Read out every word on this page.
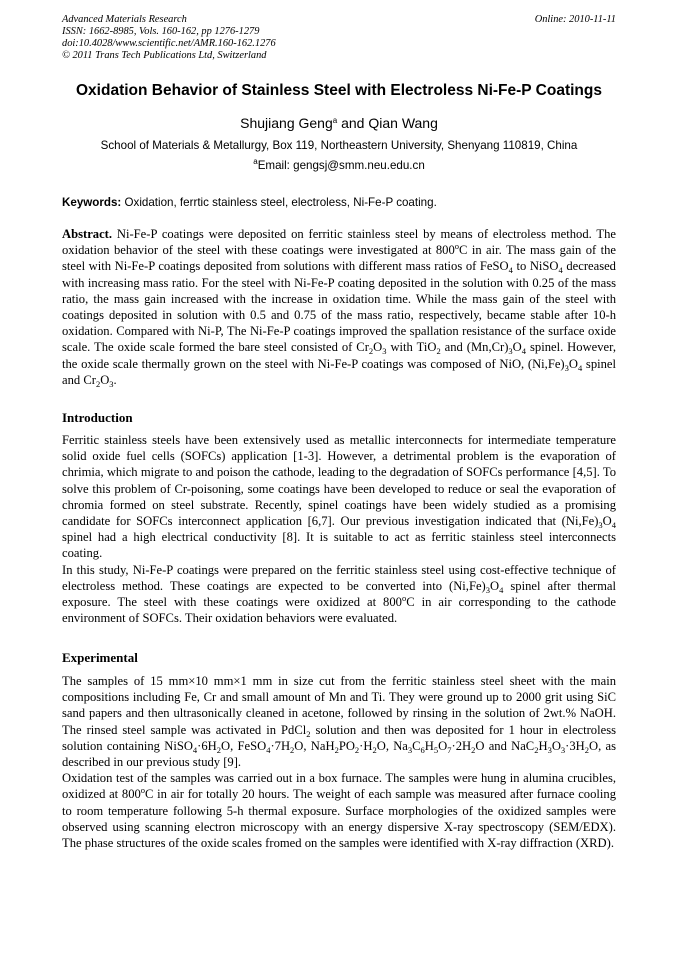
Advanced Materials Research
ISSN: 1662-8985, Vols. 160-162, pp 1276-1279
doi:10.4028/www.scientific.net/AMR.160-162.1276
© 2011 Trans Tech Publications Ltd, Switzerland
Online: 2010-11-11
Oxidation Behavior of Stainless Steel with Electroless Ni-Fe-P Coatings
Shujiang Geng$^a$ and Qian Wang
School of Materials & Metallurgy, Box 119, Northeastern University, Shenyang 110819, China
$^a$Email: gengsj@smm.neu.edu.cn
Keywords: Oxidation, ferrtic stainless steel, electroless, Ni-Fe-P coating.

Abstract. Ni-Fe-P coatings were deposited on ferritic stainless steel by means of electroless method. The oxidation behavior of the steel with these coatings were investigated at 800$^o$C in air. The mass gain of the steel with Ni-Fe-P coatings deposited from solutions with different mass ratios of FeSO$_4$ to NiSO$_4$ decreased with increasing mass ratio. For the steel with Ni-Fe-P coating deposited in the solution with 0.25 of the mass ratio, the mass gain increased with the increase in oxidation time. While the mass gain of the steel with coatings deposited in solution with 0.5 and 0.75 of the mass ratio, respectively, became stable after 10-h oxidation. Compared with Ni-P, The Ni-Fe-P coatings improved the spallation resistance of the surface oxide scale. The oxide scale formed the bare steel consisted of $Cr_2O_3$ with TiO$_2$ and $(Mn,Cr)_3O_4$ spinel. However, the oxide scale thermally grown on the steel with Ni-Fe-P coatings was composed of NiO, $(Ni,Fe)_3O_4$ spinel and $Cr_2O_3$.

Introduction

Ferritic stainless steels have been extensively used as metallic interconnects for intermediate temperature solid oxide fuel cells (SOFCs) application [1-3]. However, a detrimental problem is the evaporation of chrimia, which migrate to and poison the cathode, leading to the degradation of SOFCs performance [4,5]. To solve this problem of Cr-poisoning, some coatings have been developed to reduce or seal the evaporation of chromia formed on steel substrate. Recently, spinel coatings have been widely studied as a promising candidate for SOFCs interconnect application [6,7]. Our previous investigation indicated that $(Ni,Fe)_3O_4$ spinel had a high electrical conductivity [8]. It is suitable to act as ferritic stainless steel interconnects coating.

In this study, Ni-Fe-P coatings were prepared on the ferritic stainless steel using cost-effective technique of electroless method. These coatings are expected to be converted into $(Ni,Fe)_3O_4$ spinel after thermal exposure. The steel with these coatings were oxidized at 800$^o$C in air corresponding to the cathode environment of SOFCs. Their oxidation behaviors were evaluated.

Experimental

The samples of 15 mm×10 mm×1 mm in size cut from the ferritic stainless steel sheet with the main compositions including Fe, Cr and small amount of Mn and Ti. They were ground up to 2000 grit using SiC sand papers and then ultrasonically cleaned in acetone, followed by rinsing in the solution of 2wt.% NaOH. The rinsed steel sample was activated in PdCl$_2$ solution and then was deposited for 1 hour in electroless solution containing $NiSO_4\cdot 6H_2O$, $FeSO_4\cdot 7H_2O$, $NaH_2PO_2\cdot H_2O$, $Na_3C_6H_5O_7\cdot 2H_2O$ and $NaC_2H_3O_3\cdot 3H_2O$, as described in our previous study [9].

Oxidation test of the samples was carried out in a box furnace. The samples were hung in alumina crucibles, oxidized at 800$^o$C in air for totally 20 hours. The weight of each sample was measured after furnace cooling to room temperature following 5-h thermal exposure. Surface morphologies of the oxidized samples were observed using scanning electron microscopy with an energy dispersive X-ray spectroscopy (SEM/EDX). The phase structures of the oxide scales fromed on the samples were identified with X-ray diffraction (XRD).
